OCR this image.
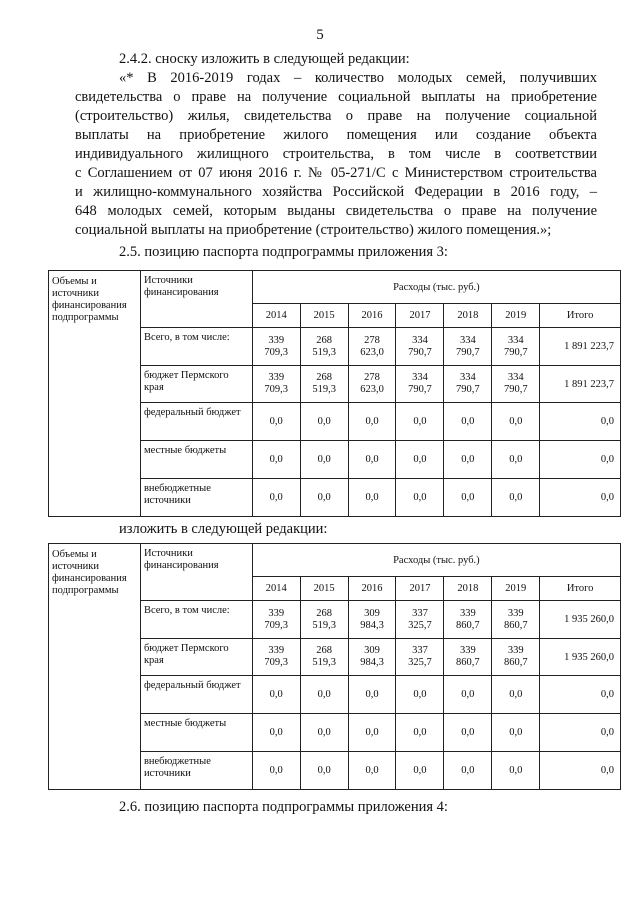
5
2.4.2. сноску изложить в следующей редакции:
«* В 2016-2019 годах – количество молодых семей, получивших
свидетельства о праве на получение социальной выплаты на приобретение
(строительство) жилья, свидетельства о праве на получение социальной
выплаты на приобретение жилого помещения или создание объекта
индивидуального жилищного строительства, в том числе в соответствии
с Соглашением от 07 июня 2016 г. № 05-271/С с Министерством строительства
и жилищно-коммунального хозяйства Российской Федерации в 2016 году, –
648 молодых семей, которым выданы свидетельства о праве на получение
социальной выплаты на приобретение (строительство) жилого помещения.»;
2.5. позицию паспорта подпрограммы приложения 3:
Объемы и источники финансирования подпрограммы	Источники финансирования	Расходы (тыс. руб.)						
		2014	2015	2016	2017	2018	2019	Итого
	Всего, в том числе:	339 709,3	268 519,3	278 623,0	334 790,7	334 790,7	334 790,7	1 891 223,7
	бюджет Пермского края	339 709,3	268 519,3	278 623,0	334 790,7	334 790,7	334 790,7	1 891 223,7
	федеральный бюджет	0,0	0,0	0,0	0,0	0,0	0,0	0,0
	местные бюджеты	0,0	0,0	0,0	0,0	0,0	0,0	0,0
	внебюджетные источники	0,0	0,0	0,0	0,0	0,0	0,0	0,0
изложить в следующей редакции:
Объемы и источники финансирования подпрограммы	Источники финансирования	Расходы (тыс. руб.)						
		2014	2015	2016	2017	2018	2019	Итого
	Всего, в том числе:	339 709,3	268 519,3	309 984,3	337 325,7	339 860,7	339 860,7	1 935 260,0
	бюджет Пермского края	339 709,3	268 519,3	309 984,3	337 325,7	339 860,7	339 860,7	1 935 260,0
	федеральный бюджет	0,0	0,0	0,0	0,0	0,0	0,0	0,0
	местные бюджеты	0,0	0,0	0,0	0,0	0,0	0,0	0,0
	внебюджетные источники	0,0	0,0	0,0	0,0	0,0	0,0	0,0
2.6. позицию паспорта подпрограммы приложения 4:
